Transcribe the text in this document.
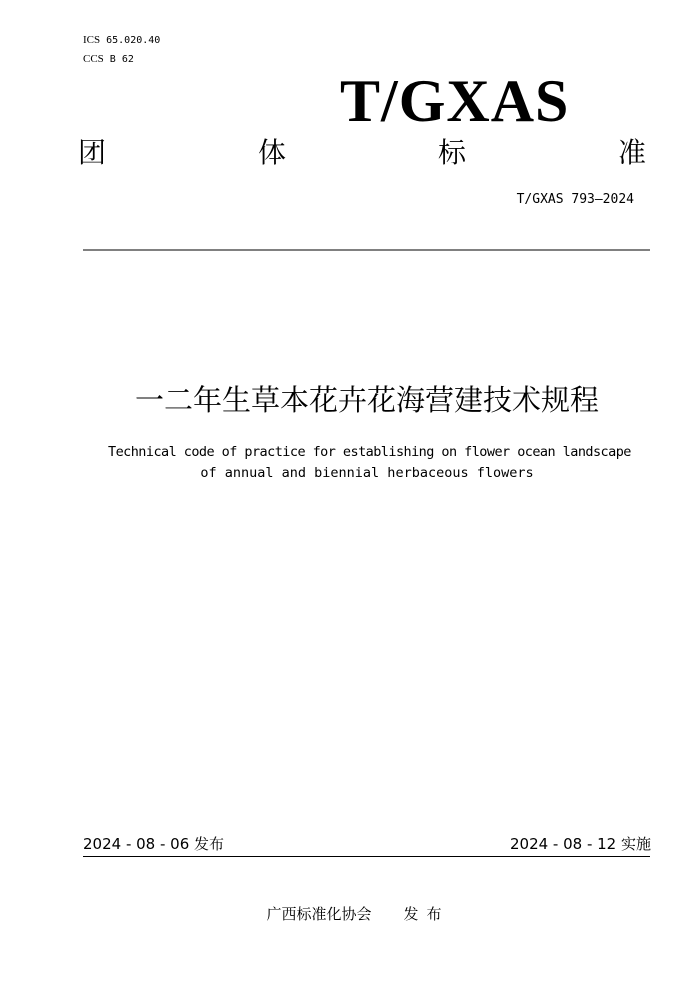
ICS 65.020.40
CCS B 62
T/GXAS
团	体	标	准
T/GXAS 793—2024
一二年生草本花卉花海营建技术规程
Technical code of practice for establishing on flower ocean landscape
of annual and biennial herbaceous flowers
2024 - 08 - 06 发布	2024 - 08 - 12 实施
广西标准化协会 发布
